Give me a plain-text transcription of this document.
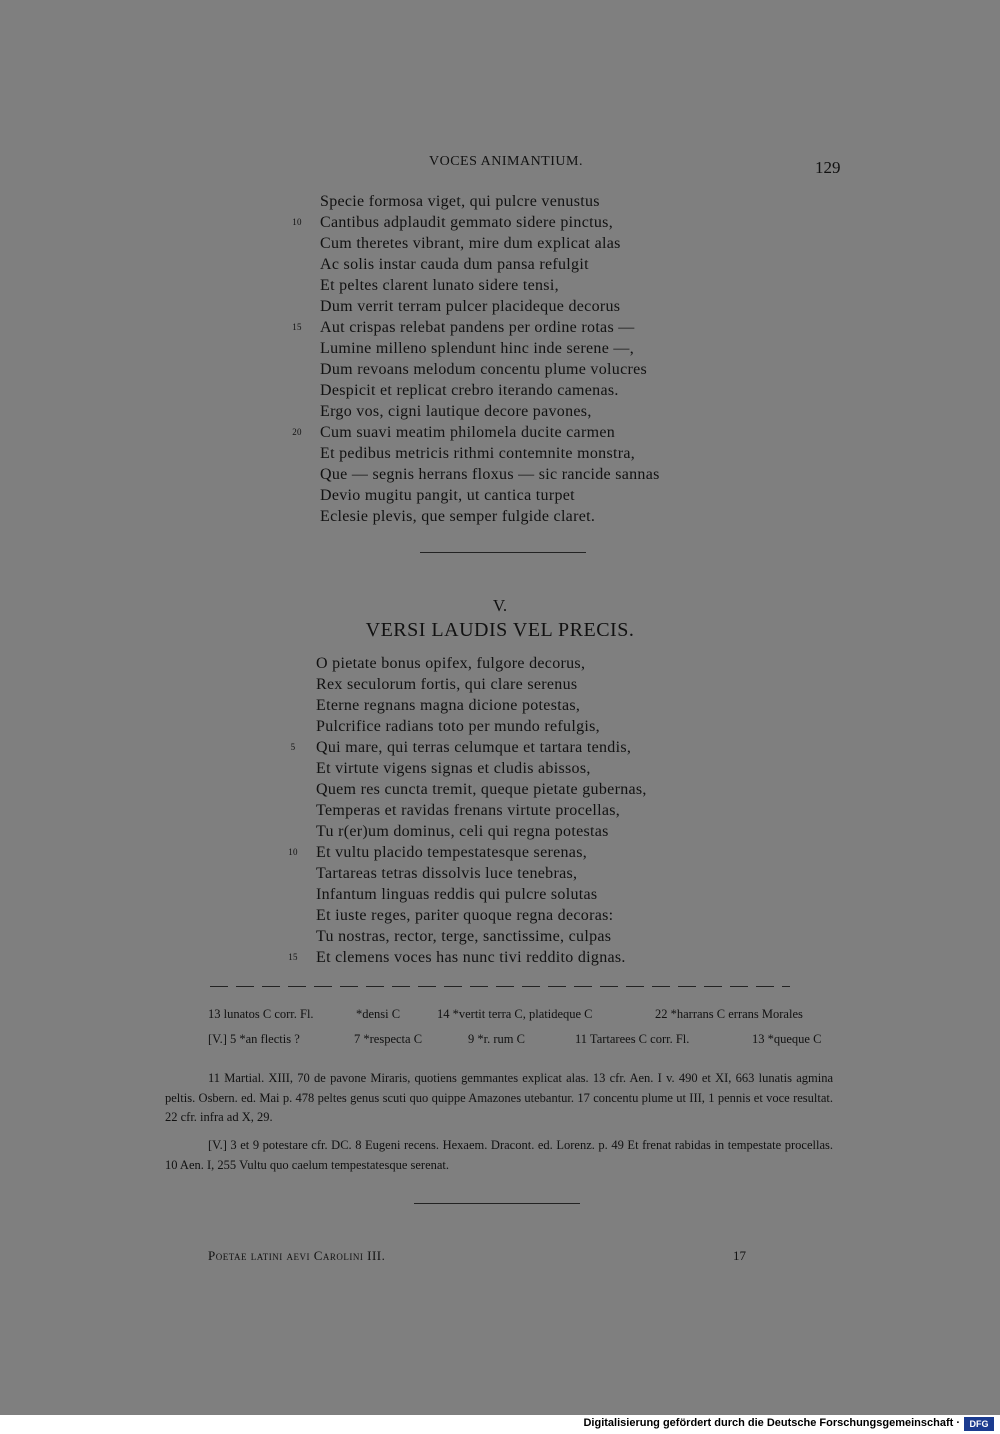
VOCES ANIMANTIUM.	129
Specie formosa viget, qui pulcre venustus
10	Cantibus adplaudit gemmato sidere pinctus,
Cum theretes vibrant, mire dum explicat alas
Ac solis instar cauda dum pansa refulgit
Et peltes clarent lunato sidere tensi,
Dum verrit terram pulcer placideque decorus
15	Aut crispas relebat pandens per ordine rotas —
Lumine milleno splendunt hinc inde serene —,
Dum revoans melodum concentu plume volucres
Despicit et replicat crebro iterando camenas.
Ergo vos, cigni lautique decore pavones,
20	Cum suavi meatim philomela ducite carmen
Et pedibus metricis rithmi contemnite monstra,
Que — segnis herrans floxus — sic rancide sannas
Devio mugitu pangit, ut cantica turpet
Eclesie plevis, que semper fulgide claret.
V.
VERSI LAUDIS VEL PRECIS.
O pietate bonus opifex, fulgore decorus,
Rex seculorum fortis, qui clare serenus
Eterne regnans magna dicione potestas,
Pulcrifice radians toto per mundo refulgis,
5	Qui mare, qui terras celumque et tartara tendis,
Et virtute vigens signas et cludis abissos,
Quem res cuncta tremit, queque pietate gubernas,
Temperas et ravidas frenans virtute procellas,
Tu r(er)um dominus, celi qui regna potestas
10	Et vultu placido tempestatesque serenas,
Tartareas tetras dissolvis luce tenebras,
Infantum linguas reddis qui pulcre solutas
Et iuste reges, pariter quoque regna decoras:
Tu nostras, rector, terge, sanctissime, culpas
15	Et clemens voces has nunc tivi reddito dignas.
13 lunatos C corr. Fl.	*densi C	14 *vertit terra C, platideque C	22 *harrans C errans Morales
[V.] 5 *an flectis ?	7 *respecta C	9 *r. rum C	11 Tartarees C corr. Fl.	13 *queque C
11 Martial. XIII, 70 de pavone Miraris, quotiens gemmantes explicat alas. 13 cfr. Aen. I v. 490 et XI, 663 lunatis agmina peltis. Osbern. ed. Mai p. 478 peltes genus scuti quo quippe Amazones utebantur. 17 concentu plume ut III, 1 pennis et voce resultat. 22 cfr. infra ad X, 29.
[V.] 3 et 9 potestare cfr. DC. 8 Eugeni recens. Hexaem. Dracont. ed. Lorenz. p. 49 Et frenat rabidas in tempestate procellas. 10 Aen. I, 255 Vultu quo caelum tempestatesque serenat.
Poetae latini aevi Carolini III.	17
Digitalisierung gefördert durch die Deutsche Forschungsgemeinschaft ·	DFG
